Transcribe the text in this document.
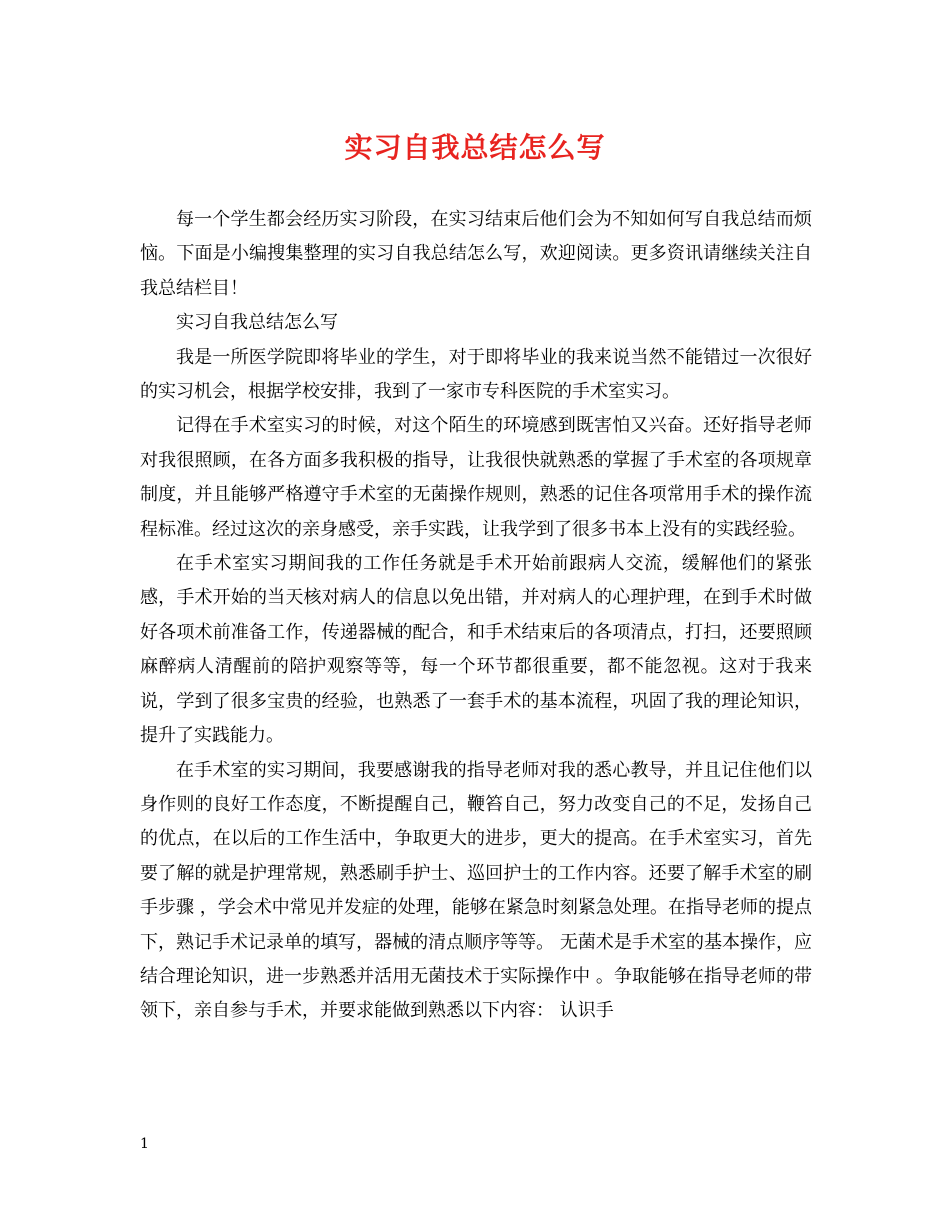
实习自我总结怎么写

每一个学生都会经历实习阶段，在实习结束后他们会为不知如何写自我总结而烦恼。下面是小编搜集整理的实习自我总结怎么写，欢迎阅读。更多资讯请继续关注自我总结栏目！

实习自我总结怎么写

我是一所医学院即将毕业的学生，对于即将毕业的我来说当然不能错过一次很好的实习机会，根据学校安排，我到了一家市专科医院的手术室实习。

记得在手术室实习的时候，对这个陌生的环境感到既害怕又兴奋。还好指导老师对我很照顾，在各方面多我积极的指导，让我很快就熟悉的掌握了手术室的各项规章制度，并且能够严格遵守手术室的无菌操作规则，熟悉的记住各项常用手术的操作流程标准。经过这次的亲身感受，亲手实践，让我学到了很多书本上没有的实践经验。

在手术室实习期间我的工作任务就是手术开始前跟病人交流，缓解他们的紧张感，手术开始的当天核对病人的信息以免出错，并对病人的心理护理，在到手术时做好各项术前准备工作，传递器械的配合，和手术结束后的各项清点，打扫，还要照顾麻醉病人清醒前的陪护观察等等，每一个环节都很重要，都不能忽视。这对于我来说，学到了很多宝贵的经验，也熟悉了一套手术的基本流程，巩固了我的理论知识，提升了实践能力。

在手术室的实习期间，我要感谢我的指导老师对我的悉心教导，并且记住他们以身作则的良好工作态度，不断提醒自己，鞭笞自己，努力改变自己的不足，发扬自己的优点，在以后的工作生活中，争取更大的进步，更大的提高。在手术室实习，首先要了解的就是护理常规，熟悉刷手护士、巡回护士的工作内容。还要了解手术室的刷手步骤 ，学会术中常见并发症的处理，能够在紧急时刻紧急处理。在指导老师的提点下，熟记手术记录单的填写，器械的清点顺序等等。 无菌术是手术室的基本操作，应结合理论知识，进一步熟悉并活用无菌技术于实际操作中 。争取能够在指导老师的带领下，亲自参与手术，并要求能做到熟悉以下内容： 认识手

1
